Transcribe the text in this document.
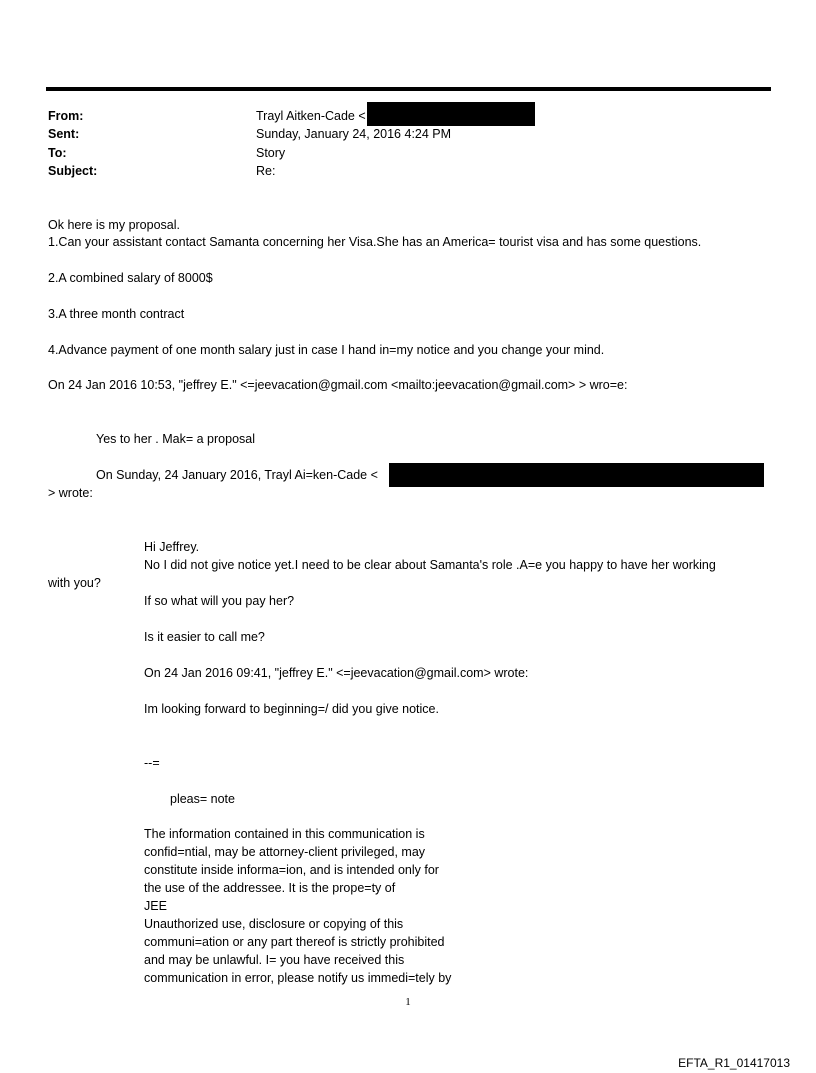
From:	Trayl Aitken-Cade <
Sent:	Sunday, January 24, 2016 4:24 PM
To:	Story
Subject:	Re:
Ok here is my proposal.
1.Can your assistant contact Samanta concerning her Visa.She has an America= tourist visa and has some questions.
2.A combined salary of 8000$
3.A three month contract
4.Advance payment of one month salary just in case I hand in=my notice and you change your mind.
On 24 Jan 2016 10:53, "jeffrey E." <=jeevacation@gmail.com <mailto:jeevacation@gmail.com> > wro=e:
Yes to her . Mak= a proposal
On Sunday, 24 January 2016, Trayl Ai=ken-Cade <
> wrote:
Hi Jeffrey.
No I did not give notice yet.I need to be clear about Samanta's role .A=e you happy to have her working
with you?
If so what will you pay her?
Is it easier to call me?
On 24 Jan 2016 09:41, "jeffrey E." <=jeevacation@gmail.com> wrote:
Im looking forward to beginning=/ did you give notice.
--=
pleas= note
The information contained in this communication is
confid=ntial, may be attorney-client privileged, may
constitute inside informa=ion, and is intended only for
the use of the addressee. It is the prope=ty of
JEE
Unauthorized use, disclosure or copying of this
communi=ation or any part thereof is strictly prohibited
and may be unlawful. I= you have received this
communication in error, please notify us immedi=tely by
1
EFTA_R1_01417013
